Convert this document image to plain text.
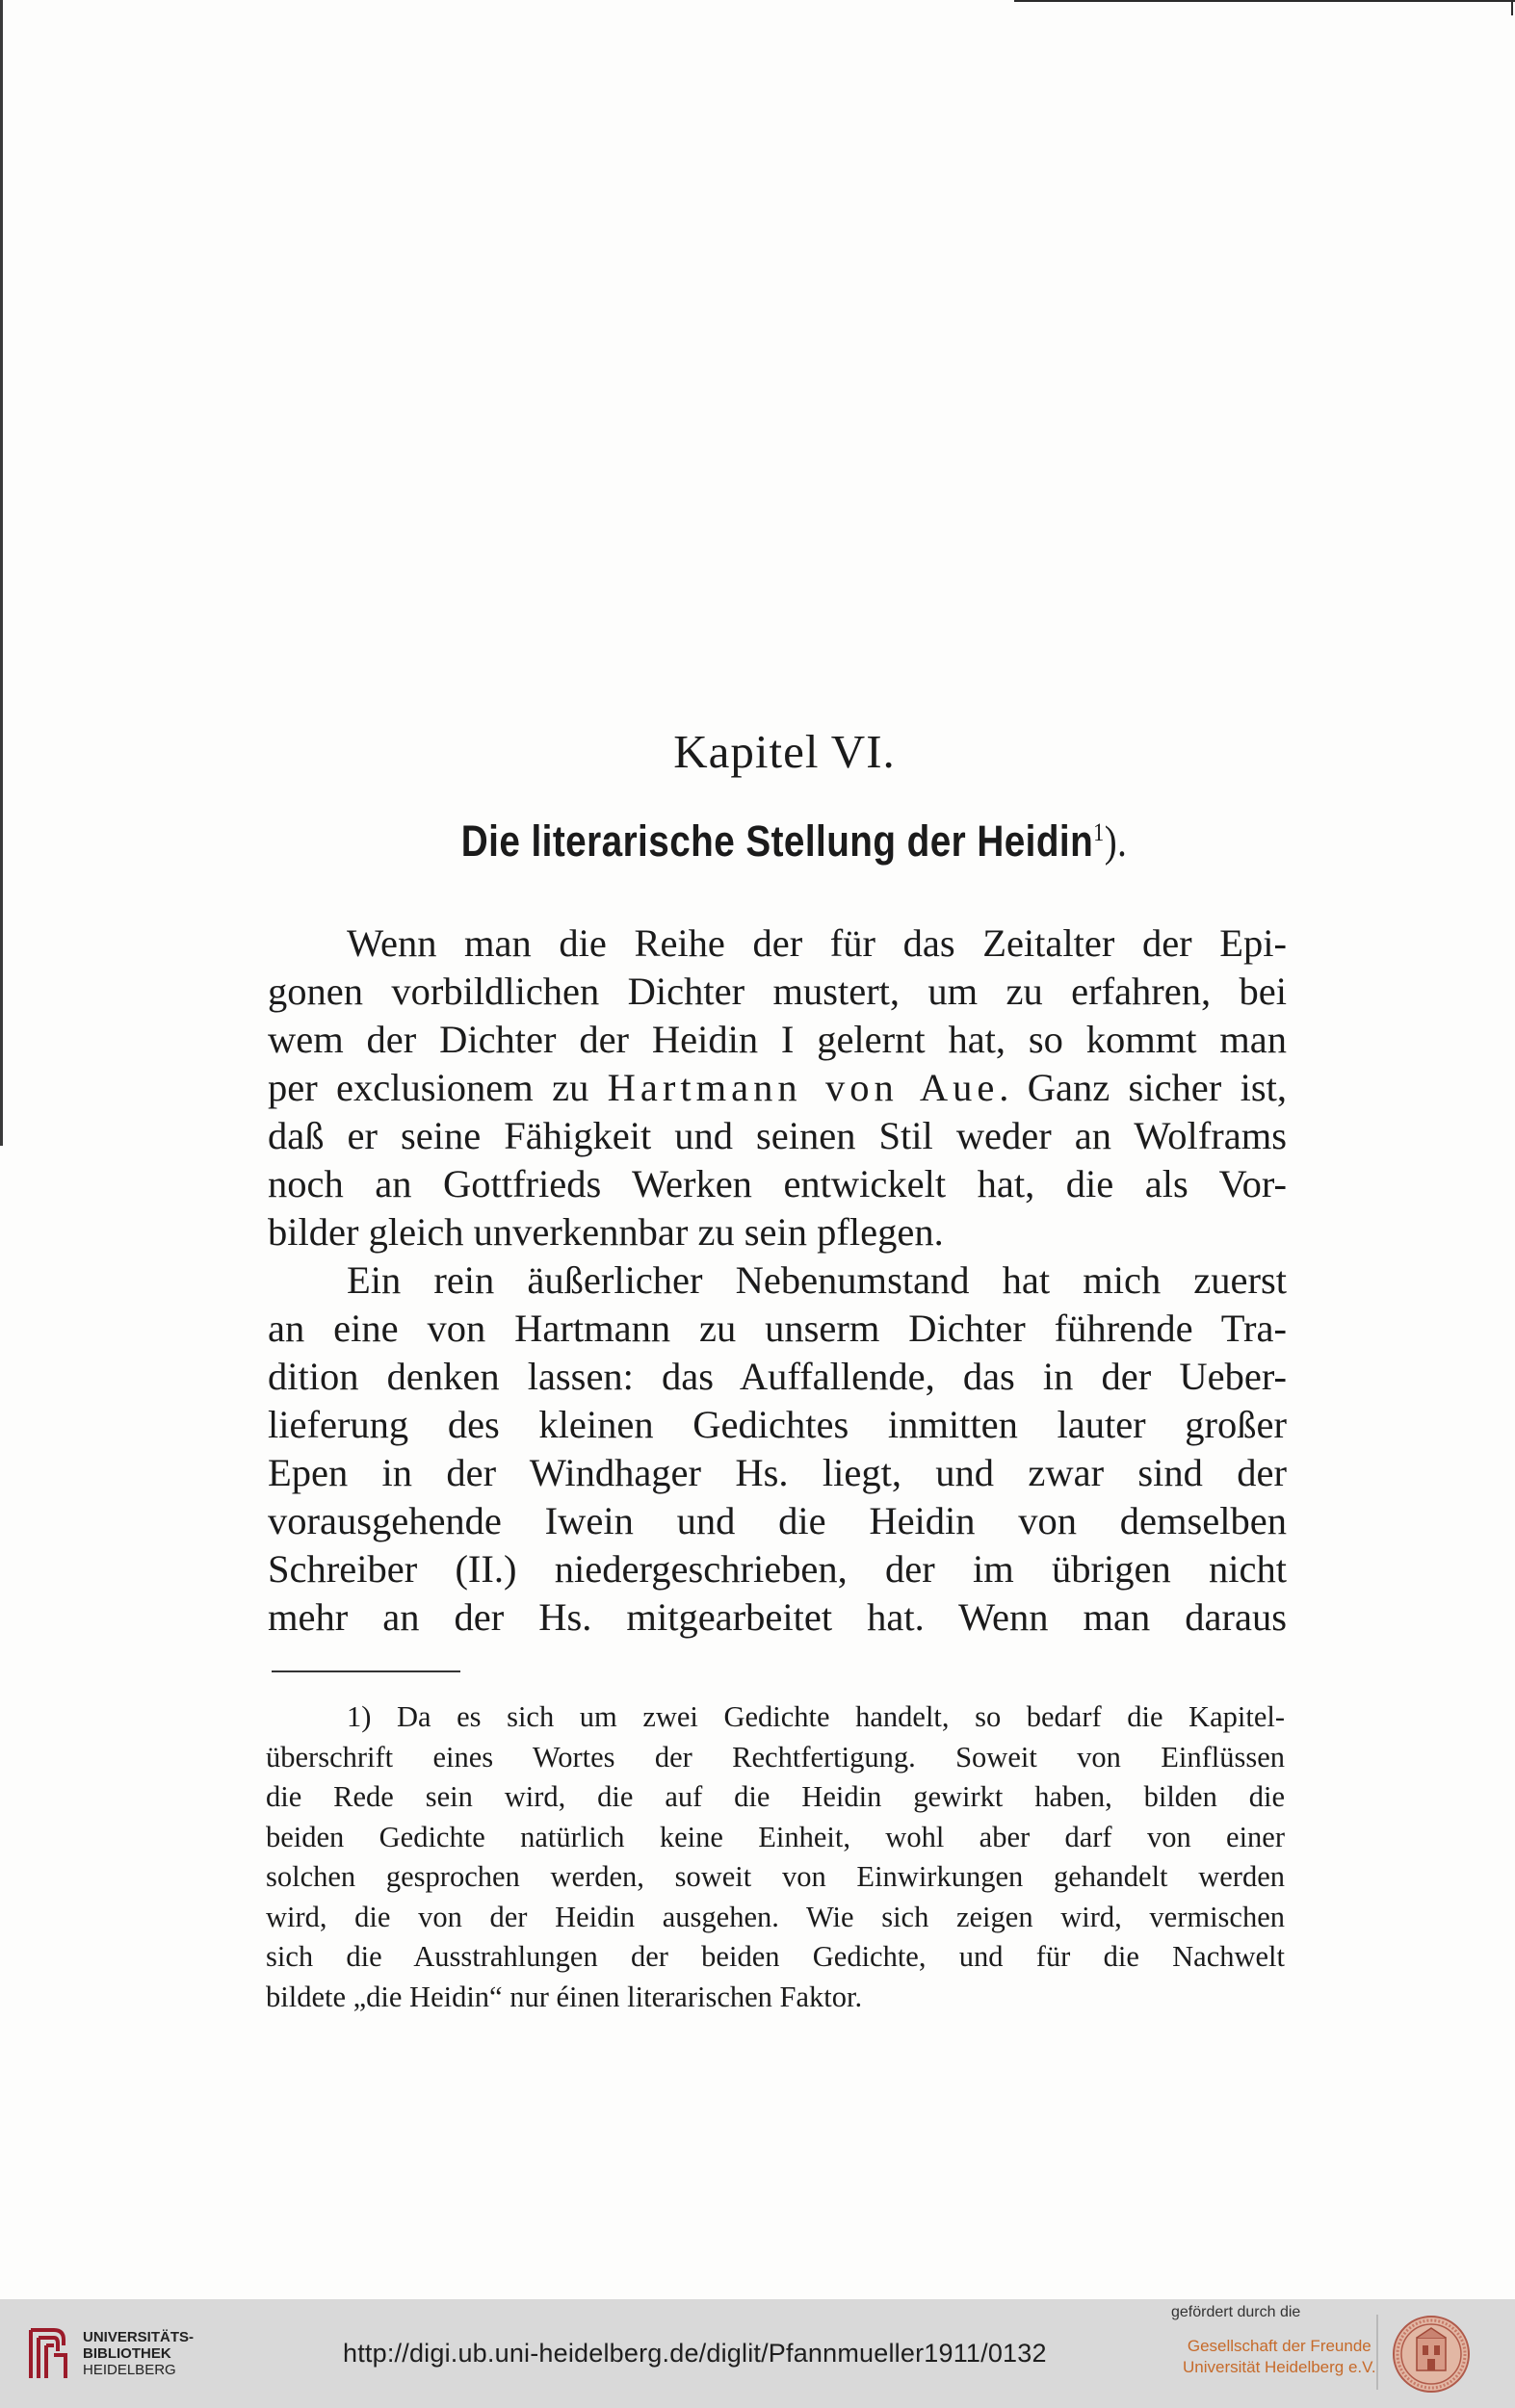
Kapitel VI.
Die literarische Stellung der Heidin$^1$).
Wenn man die Reihe der für das Zeitalter der Epi-
gonen vorbildlichen Dichter mustert, um zu erfahren, bei
wem der Dichter der Heidin I gelernt hat, so kommt man
per exclusionem zu Hartmann von Aue. Ganz sicher ist,
daß er seine Fähigkeit und seinen Stil weder an Wolframs
noch an Gottfrieds Werken entwickelt hat, die als Vor-
bilder gleich unverkennbar zu sein pflegen.
Ein rein äußerlicher Nebenumstand hat mich zuerst
an eine von Hartmann zu unserm Dichter führende Tra-
dition denken lassen: das Auffallende, das in der Ueber-
lieferung des kleinen Gedichtes inmitten lauter großer
Epen in der Windhager Hs. liegt, und zwar sind der
vorausgehende Iwein und die Heidin von demselben
Schreiber (II.) niedergeschrieben, der im übrigen nicht
mehr an der Hs. mitgearbeitet hat. Wenn man daraus
1) Da es sich um zwei Gedichte handelt, so bedarf die Kapitel-
überschrift eines Wortes der Rechtfertigung. Soweit von Einflüssen
die Rede sein wird, die auf die Heidin gewirkt haben, bilden die
beiden Gedichte natürlich keine Einheit, wohl aber darf von einer
solchen gesprochen werden, soweit von Einwirkungen gehandelt werden
wird, die von der Heidin ausgehen. Wie sich zeigen wird, vermischen
sich die Ausstrahlungen der beiden Gedichte, und für die Nachwelt
bildete „die Heidin“ nur éinen literarischen Faktor.
UNIVERSITÄTS-
BIBLIOTHEK
HEIDELBERG
http://digi.ub.uni-heidelberg.de/diglit/Pfannmueller1911/0132
gefördert durch die
Gesellschaft der Freunde
Universität Heidelberg e.V.
